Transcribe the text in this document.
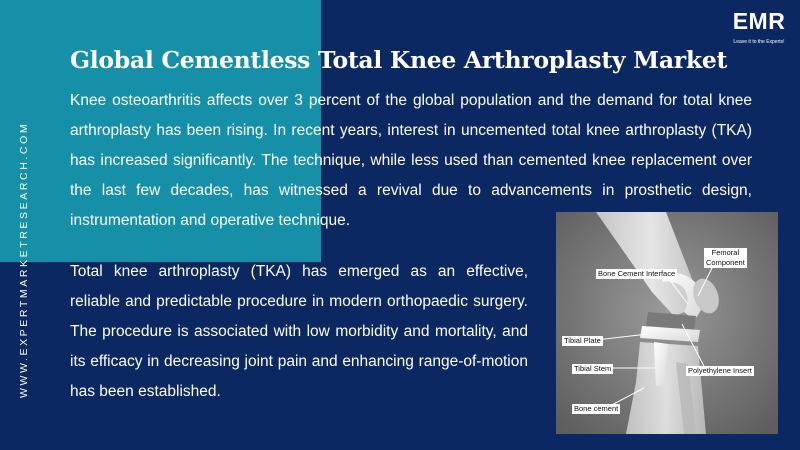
WWW.EXPERTMARKETRESEARCH.COM
EMR
Leave it to the Experts!
Global Cementless Total Knee Arthroplasty Market

Knee osteoarthritis affects over 3 percent of the global population and the demand for total knee arthroplasty has been rising. In recent years, interest in uncemented total knee arthroplasty (TKA) has increased significantly. The technique, while less used than cemented knee replacement over the last few decades, has witnessed a revival due to advancements in prosthetic design, instrumentation and operative technique.

Total knee arthroplasty (TKA) has emerged as an effective, reliable and predictable procedure in modern orthopaedic surgery. The procedure is associated with low morbidity and mortality, and its efficacy in decreasing joint pain and enhancing range-of-motion has been established.

Femoral
Component
Bone Cement Interface
Tibial Plate
Tibial Stem	Polyethylene Insert
Bone cement
